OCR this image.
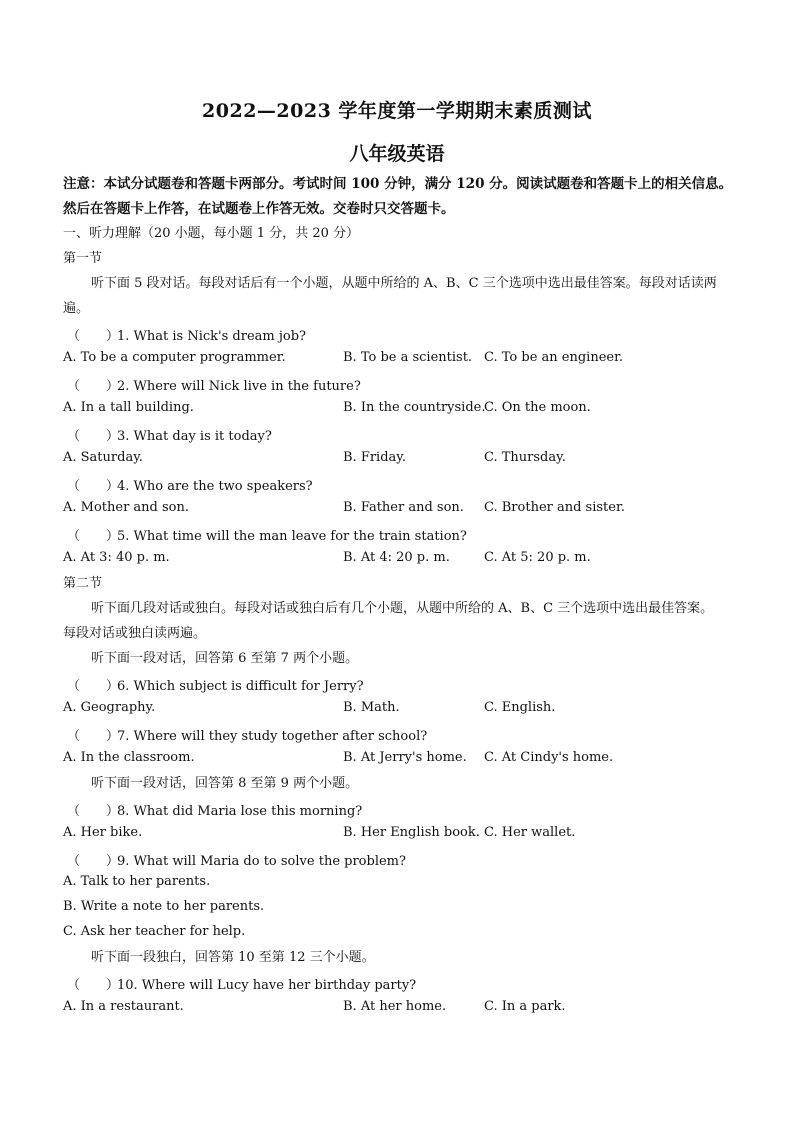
2022—2023 学年度第一学期期末素质测试
八年级英语
注意：本试分试题卷和答题卡两部分。考试时间 100 分钟，满分 120 分。阅读试题卷和答题卡上的相关信息。然后在答题卡上作答，在试题卷上作答无效。交卷时只交答题卡。
一、听力理解（20 小题，每小题 1 分，共 20 分）
第一节
听下面 5 段对话。每段对话后有一个小题，从题中所给的 A、B、C 三个选项中选出最佳答案。每段对话读两遍。
（　　）1. What is Nick's dream job?
A. To be a computer programmer.	B. To be a scientist. C. To be an engineer.
（　　）2. Where will Nick live in the future?
A. In a tall building.	B. In the countryside.
C. On the moon.
（　　）3. What day is it today?
A. Saturday.	B. Friday.	C. Thursday.
（　　）4. Who are the two speakers?
A. Mother and son.	B. Father and son. C. Brother and sister.
（　　）5. What time will the man leave for the train station?
A. At 3: 40 p. m.	B. At 4: 20 p. m.	C. At 5: 20 p. m.
第二节
听下面几段对话或独白。每段对话或独白后有几个小题，从题中所给的 A、B、C 三个选项中选出最佳答案。每段对话或独白读两遍。
听下面一段对话，回答第 6 至第 7 两个小题。
（　　）6. Which subject is difficult for Jerry?
A. Geography.	B. Math.	C. English.
（　　）7. Where will they study together after school?
A. In the classroom.	B. At Jerry's home. C. At Cindy's home.
听下面一段对话，回答第 8 至第 9 两个小题。
（　　）8. What did Maria lose this morning?
A. Her bike.	B. Her English book. C. Her wallet.
（　　）9. What will Maria do to solve the problem?
A. Talk to her parents.
B. Write a note to her parents.
C. Ask her teacher for help.
听下面一段独白，回答第 10 至第 12 三个小题。
（　　）10. Where will Lucy have her birthday party?
A. In a restaurant.	B. At her home.	C. In a park.
